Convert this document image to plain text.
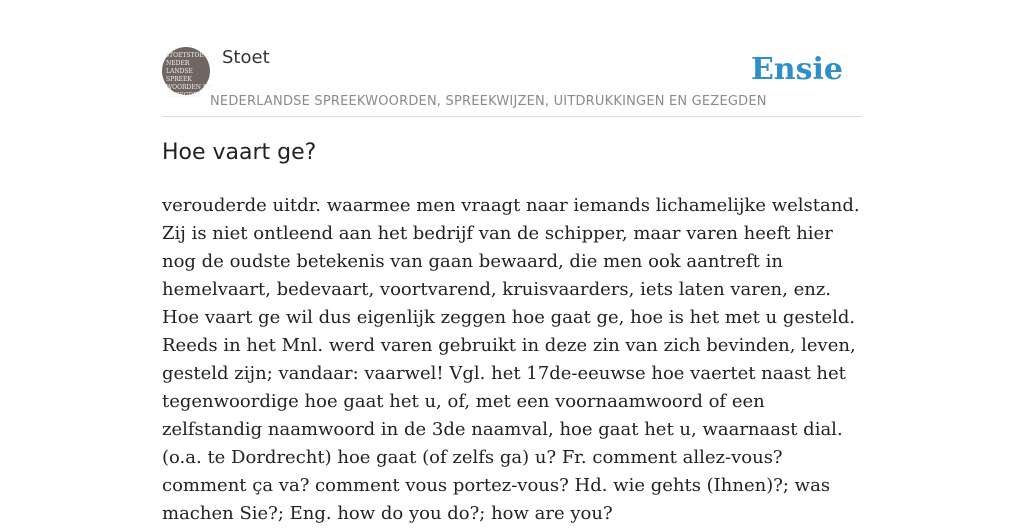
STOETSTOET
NEDER
LANDSE
SPREEK
WOORDEN EN
GEZEGDEN
Stoet
NEDERLANDSE SPREEKWOORDEN, SPREEKWIJZEN, UITDRUKKINGEN EN GEZEGDEN
Ensie
Hoe vaart ge?

verouderde uitdr. waarmee men vraagt naar iemands lichamelijke welstand. Zij is niet ontleend aan het bedrijf van de schipper, maar varen heeft hier nog de oudste betekenis van gaan bewaard, die men ook aantreft in hemelvaart, bedevaart, voortvarend, kruisvaarders, iets laten varen, enz. Hoe vaart ge wil dus eigenlijk zeggen hoe gaat ge, hoe is het met u gesteld. Reeds in het Mnl. werd varen gebruikt in deze zin van zich bevinden, leven, gesteld zijn; vandaar: vaarwel! Vgl. het 17de-eeuwse hoe vaertet naast het tegenwoordige hoe gaat het u, of, met een voornaamwoord of een zelfstandig naamwoord in de 3de naamval, hoe gaat het u, waarnaast dial. (o.a. te Dordrecht) hoe gaat (of zelfs ga) u? Fr. comment allez-vous? comment ça va? comment vous portez-vous? Hd. wie gehts (Ihnen)?; was machen Sie?; Eng. how do you do?; how are you?
